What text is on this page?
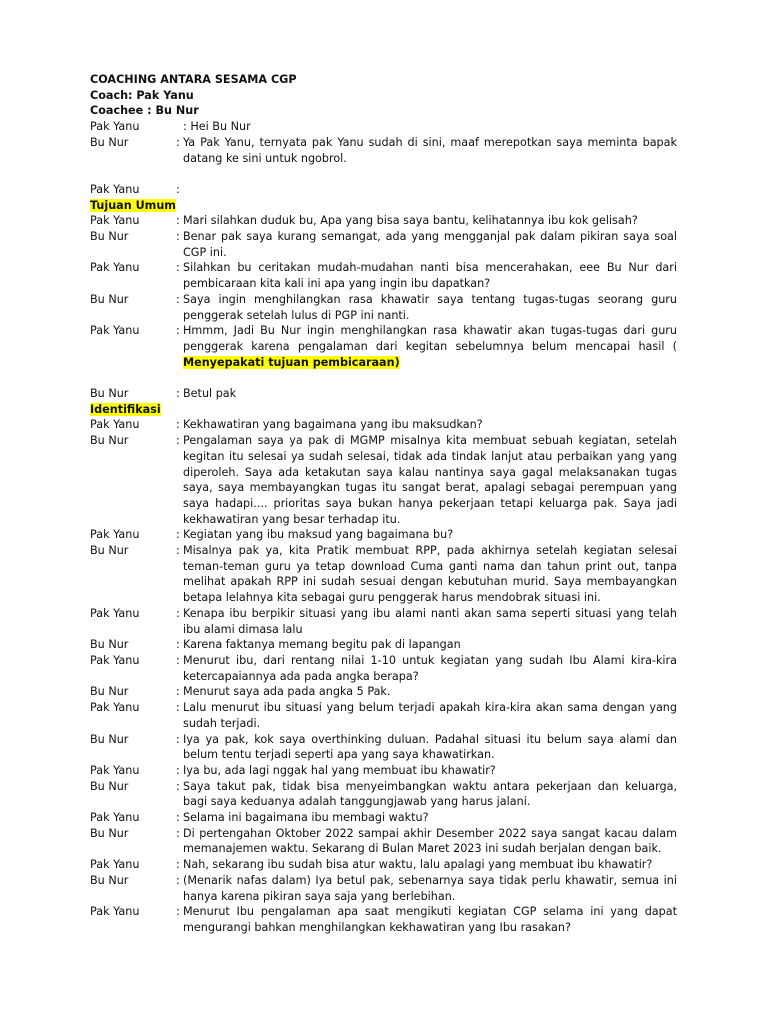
COACHING ANTARA SESAMA CGP

Coach: Pak Yanu

Coachee : Bu Nur

Pak Yanu	: Hei Bu Nur
Bu Nur	: Ya Pak Yanu, ternyata pak Yanu sudah di sini, maaf merepotkan saya meminta bapak datang ke sini untuk ngobrol.
Pak Yanu	:

Tujuan Umum

Pak Yanu	: Mari silahkan duduk bu, Apa yang bisa saya bantu, kelihatannya ibu kok gelisah?
Bu Nur	: Benar pak saya kurang semangat, ada yang mengganjal pak dalam pikiran saya soal CGP ini.
Pak Yanu	: Silahkan bu ceritakan mudah-mudahan nanti bisa mencerahakan, eee Bu Nur dari pembicaraan kita kali ini apa yang ingin ibu dapatkan?
Bu Nur	: Saya ingin menghilangkan rasa khawatir saya tentang tugas-tugas seorang guru penggerak setelah lulus di PGP ini nanti.
Pak Yanu	: Hmmm, Jadi Bu Nur ingin menghilangkan rasa khawatir akan tugas-tugas dari guru penggerak karena pengalaman dari kegitan sebelumnya belum mencapai hasil ( Menyepakati tujuan pembicaraan)
Bu Nur	: Betul pak

Identifikasi

Pak Yanu	: Kekhawatiran yang bagaimana yang ibu maksudkan?
Bu Nur	: Pengalaman saya ya pak di MGMP misalnya kita membuat sebuah kegiatan, setelah kegitan itu selesai ya sudah selesai, tidak ada tindak lanjut atau perbaikan yang yang diperoleh. Saya ada ketakutan saya kalau nantinya saya gagal melaksanakan tugas saya, saya membayangkan tugas itu sangat berat, apalagi sebagai perempuan yang saya hadapi.... prioritas saya bukan hanya pekerjaan tetapi keluarga pak. Saya jadi kekhawatiran yang besar terhadap itu.
Pak Yanu	: Kegiatan yang ibu maksud yang bagaimana bu?
Bu Nur	: Misalnya pak ya, kita Pratik membuat RPP, pada akhirnya setelah kegiatan selesai teman-teman guru ya tetap download Cuma ganti nama dan tahun print out, tanpa melihat apakah RPP ini sudah sesuai dengan kebutuhan murid. Saya membayangkan betapa lelahnya kita sebagai guru penggerak harus mendobrak situasi ini.
Pak Yanu	: Kenapa ibu berpikir situasi yang ibu alami nanti akan sama seperti situasi yang telah ibu alami dimasa lalu
Bu Nur	: Karena faktanya memang begitu pak di lapangan
Pak Yanu	: Menurut ibu, dari rentang nilai 1-10 untuk kegiatan yang sudah Ibu Alami kira-kira ketercapaiannya ada pada angka berapa?
Bu Nur	: Menurut saya ada pada angka 5 Pak.
Pak Yanu	: Lalu menurut ibu situasi yang belum terjadi apakah kira-kira akan sama dengan yang sudah terjadi.
Bu Nur	: Iya ya pak, kok saya overthinking duluan. Padahal situasi itu belum saya alami dan belum tentu terjadi seperti apa yang saya khawatirkan.
Pak Yanu	: Iya bu, ada lagi nggak hal yang membuat ibu khawatir?
Bu Nur	: Saya takut pak, tidak bisa menyeimbangkan waktu antara pekerjaan dan keluarga, bagi saya keduanya adalah tanggungjawab yang harus jalani.
Pak Yanu	: Selama ini bagaimana ibu membagi waktu?
Bu Nur	: Di pertengahan Oktober 2022 sampai akhir Desember 2022 saya sangat kacau dalam memanajemen waktu. Sekarang di Bulan Maret 2023 ini sudah berjalan dengan baik.
Pak Yanu	: Nah, sekarang ibu sudah bisa atur waktu, lalu apalagi yang membuat ibu khawatir?
Bu Nur	: (Menarik nafas dalam) Iya betul pak, sebenarnya saya tidak perlu khawatir, semua ini hanya karena pikiran saya saja yang berlebihan.
Pak Yanu	: Menurut Ibu pengalaman apa saat mengikuti kegiatan CGP selama ini yang dapat mengurangi bahkan menghilangkan kekhawatiran yang Ibu rasakan?
